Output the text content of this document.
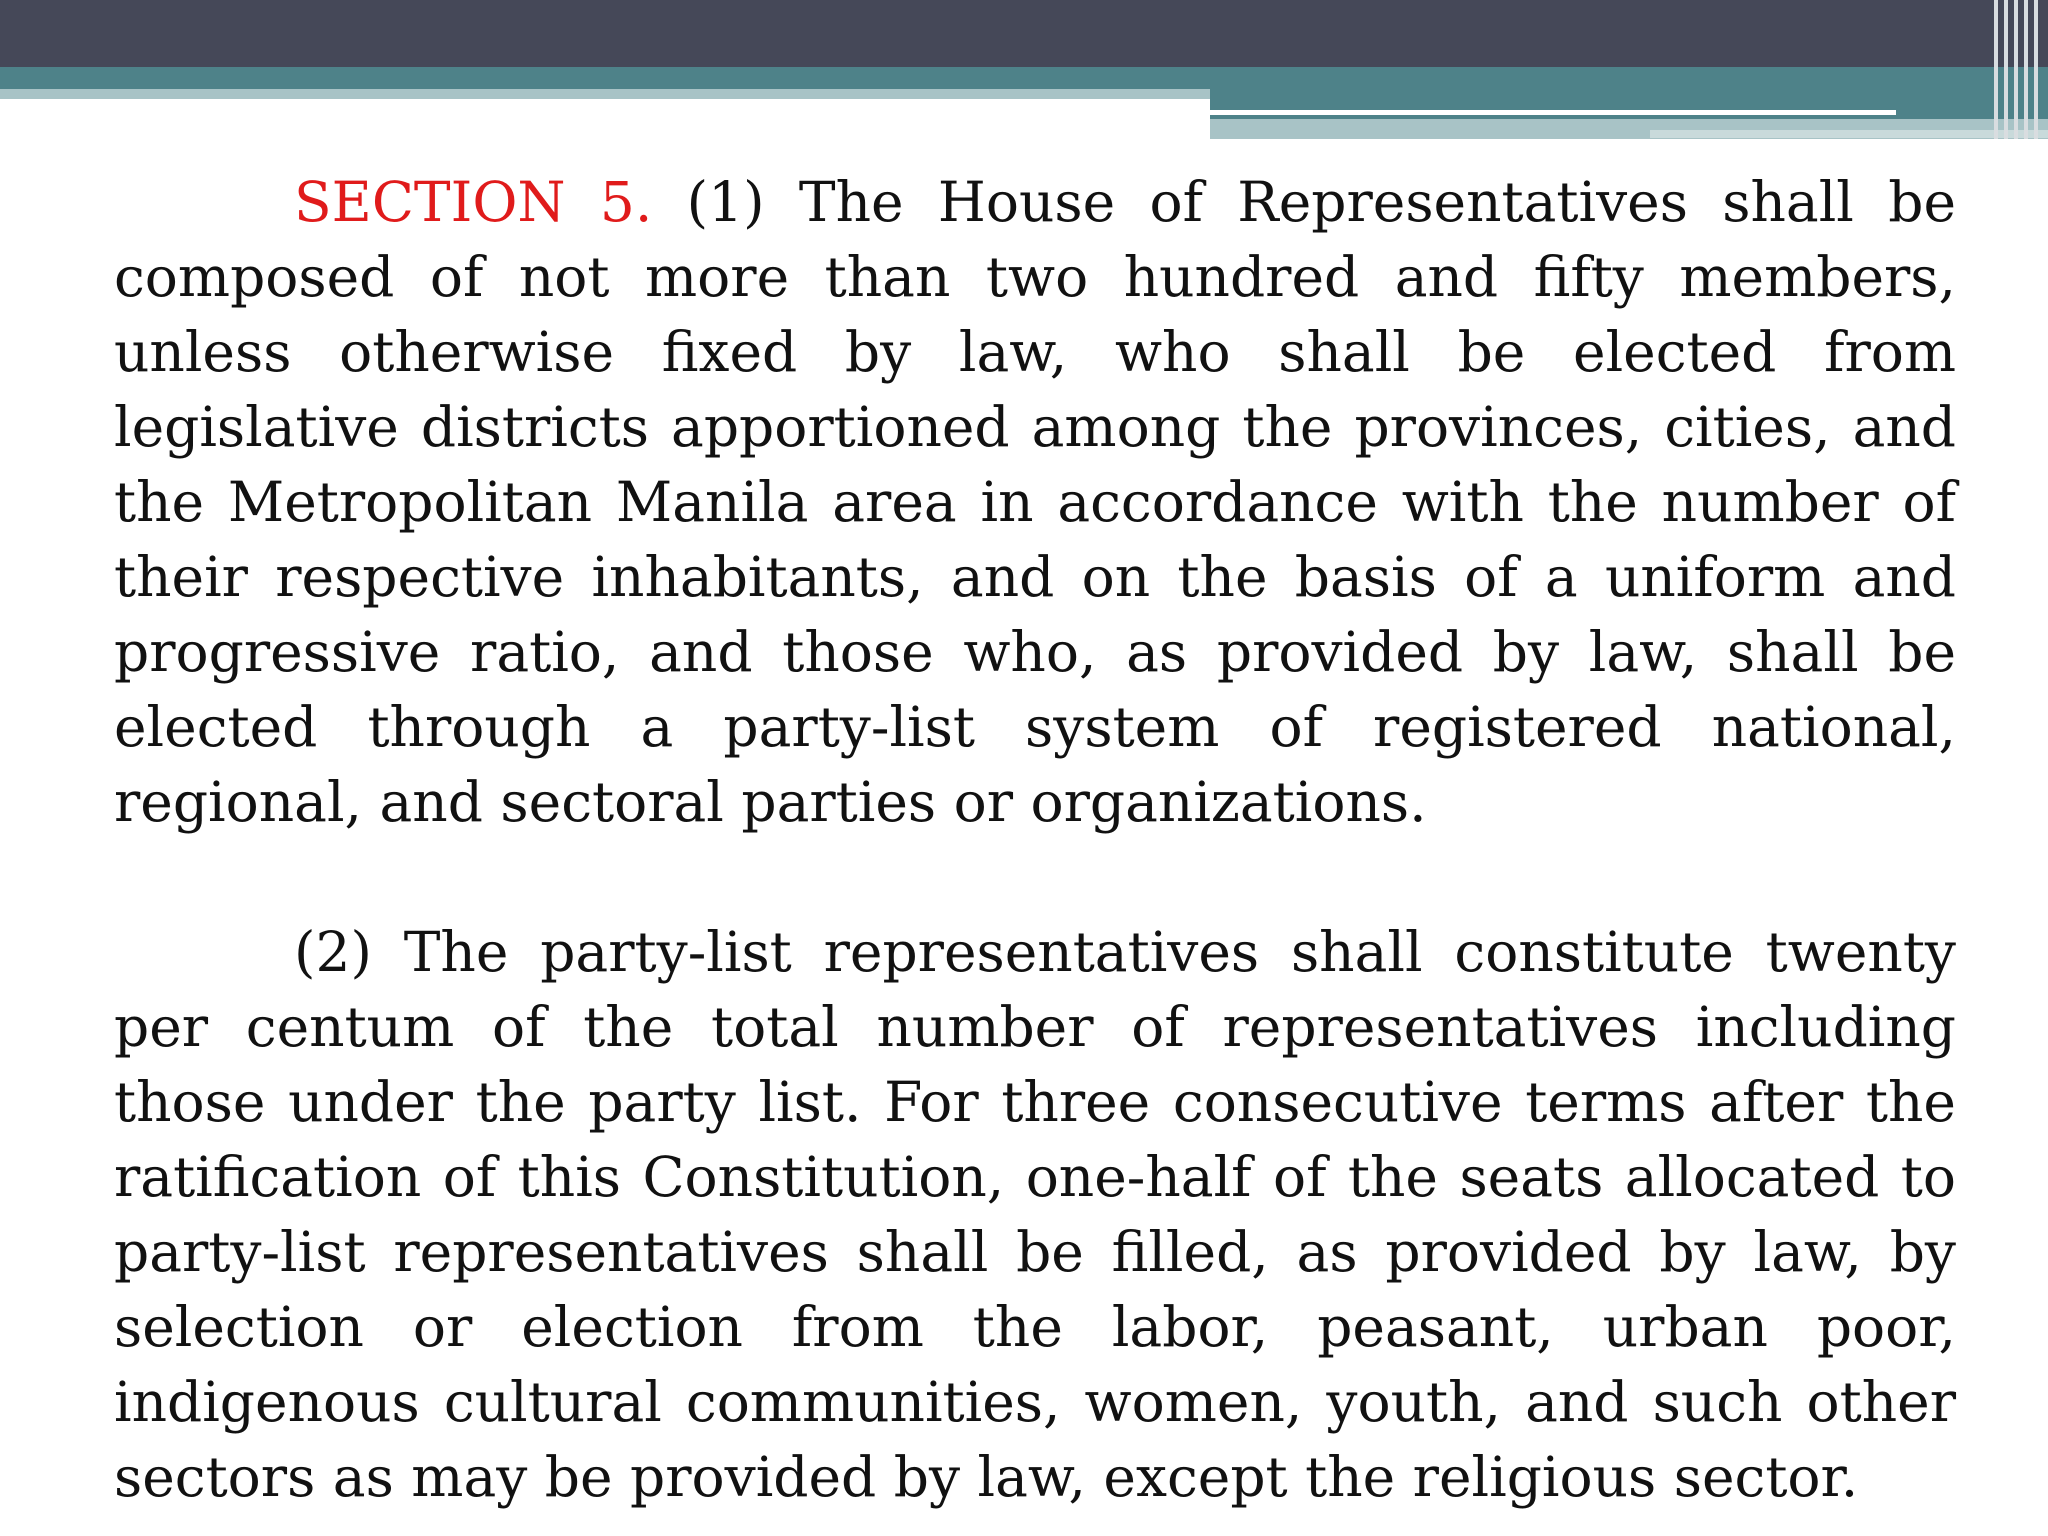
SECTION 5. (1) The House of Representatives shall be composed of not more than two hundred and fifty members, unless otherwise fixed by law, who shall be elected from legislative districts apportioned among the provinces, cities, and the Metropolitan Manila area in accordance with the number of their respective inhabitants, and on the basis of a uniform and progressive ratio, and those who, as provided by law, shall be elected through a party-list system of registered national, regional, and sectoral parties or organizations.

(2) The party-list representatives shall constitute twenty per centum of the total number of representatives including those under the party list. For three consecutive terms after the ratification of this Constitution, one-half of the seats allocated to party-list representatives shall be filled, as provided by law, by selection or election from the labor, peasant, urban poor, indigenous cultural communities, women, youth, and such other sectors as may be provided by law, except the religious sector.
